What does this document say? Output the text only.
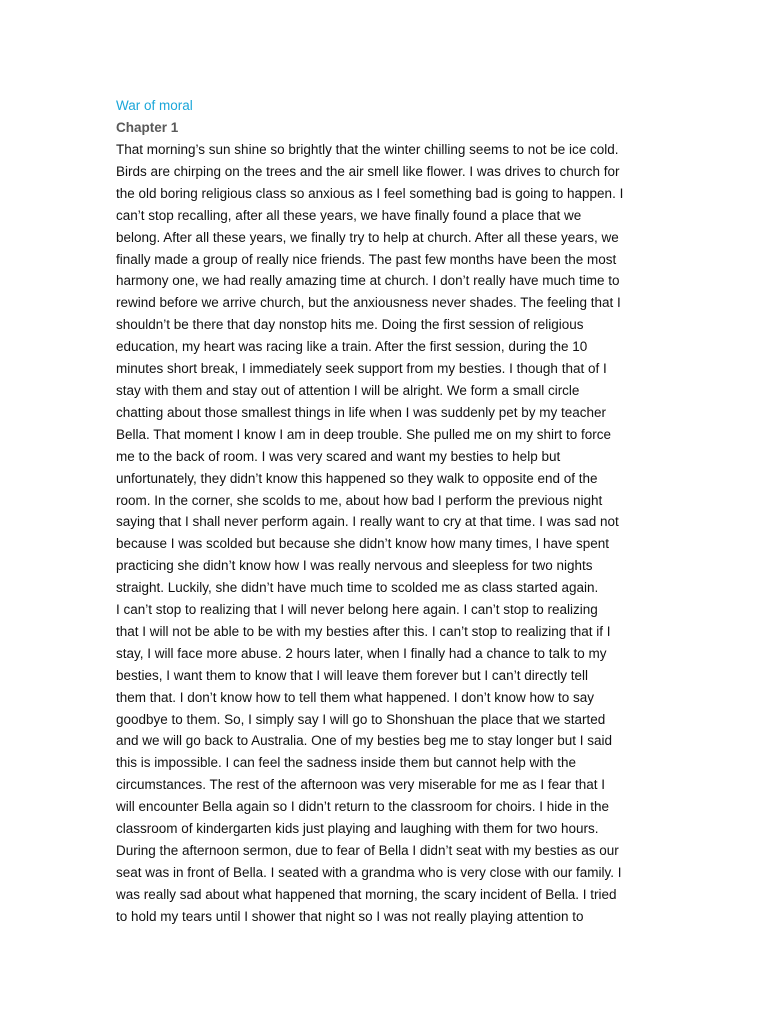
War of moral
Chapter 1

That morning’s sun shine so brightly that the winter chilling seems to not be ice cold.
Birds are chirping on the trees and the air smell like flower. I was drives to church for
the old boring religious class so anxious as I feel something bad is going to happen. I
can’t stop recalling, after all these years, we have finally found a place that we
belong. After all these years, we finally try to help at church. After all these years, we
finally made a group of really nice friends. The past few months have been the most
harmony one, we had really amazing time at church. I don’t really have much time to
rewind before we arrive church, but the anxiousness never shades. The feeling that I
shouldn’t be there that day nonstop hits me. Doing the first session of religious
education, my heart was racing like a train. After the first session, during the 10
minutes short break, I immediately seek support from my besties. I though that of I
stay with them and stay out of attention I will be alright. We form a small circle
chatting about those smallest things in life when I was suddenly pet by my teacher
Bella. That moment I know I am in deep trouble. She pulled me on my shirt to force
me to the back of room. I was very scared and want my besties to help but
unfortunately, they didn’t know this happened so they walk to opposite end of the
room. In the corner, she scolds to me, about how bad I perform the previous night
saying that I shall never perform again. I really want to cry at that time. I was sad not
because I was scolded but because she didn’t know how many times, I have spent
practicing she didn’t know how I was really nervous and sleepless for two nights
straight. Luckily, she didn’t have much time to scolded me as class started again.

I can’t stop to realizing that I will never belong here again. I can’t stop to realizing
that I will not be able to be with my besties after this. I can’t stop to realizing that if I
stay, I will face more abuse. 2 hours later, when I finally had a chance to talk to my
besties, I want them to know that I will leave them forever but I can’t directly tell
them that. I don’t know how to tell them what happened. I don’t know how to say
goodbye to them. So, I simply say I will go to Shonshuan the place that we started
and we will go back to Australia. One of my besties beg me to stay longer but I said
this is impossible. I can feel the sadness inside them but cannot help with the
circumstances. The rest of the afternoon was very miserable for me as I fear that I
will encounter Bella again so I didn’t return to the classroom for choirs. I hide in the
classroom of kindergarten kids just playing and laughing with them for two hours.
During the afternoon sermon, due to fear of Bella I didn’t seat with my besties as our
seat was in front of Bella. I seated with a grandma who is very close with our family. I
was really sad about what happened that morning, the scary incident of Bella. I tried
to hold my tears until I shower that night so I was not really playing attention to
